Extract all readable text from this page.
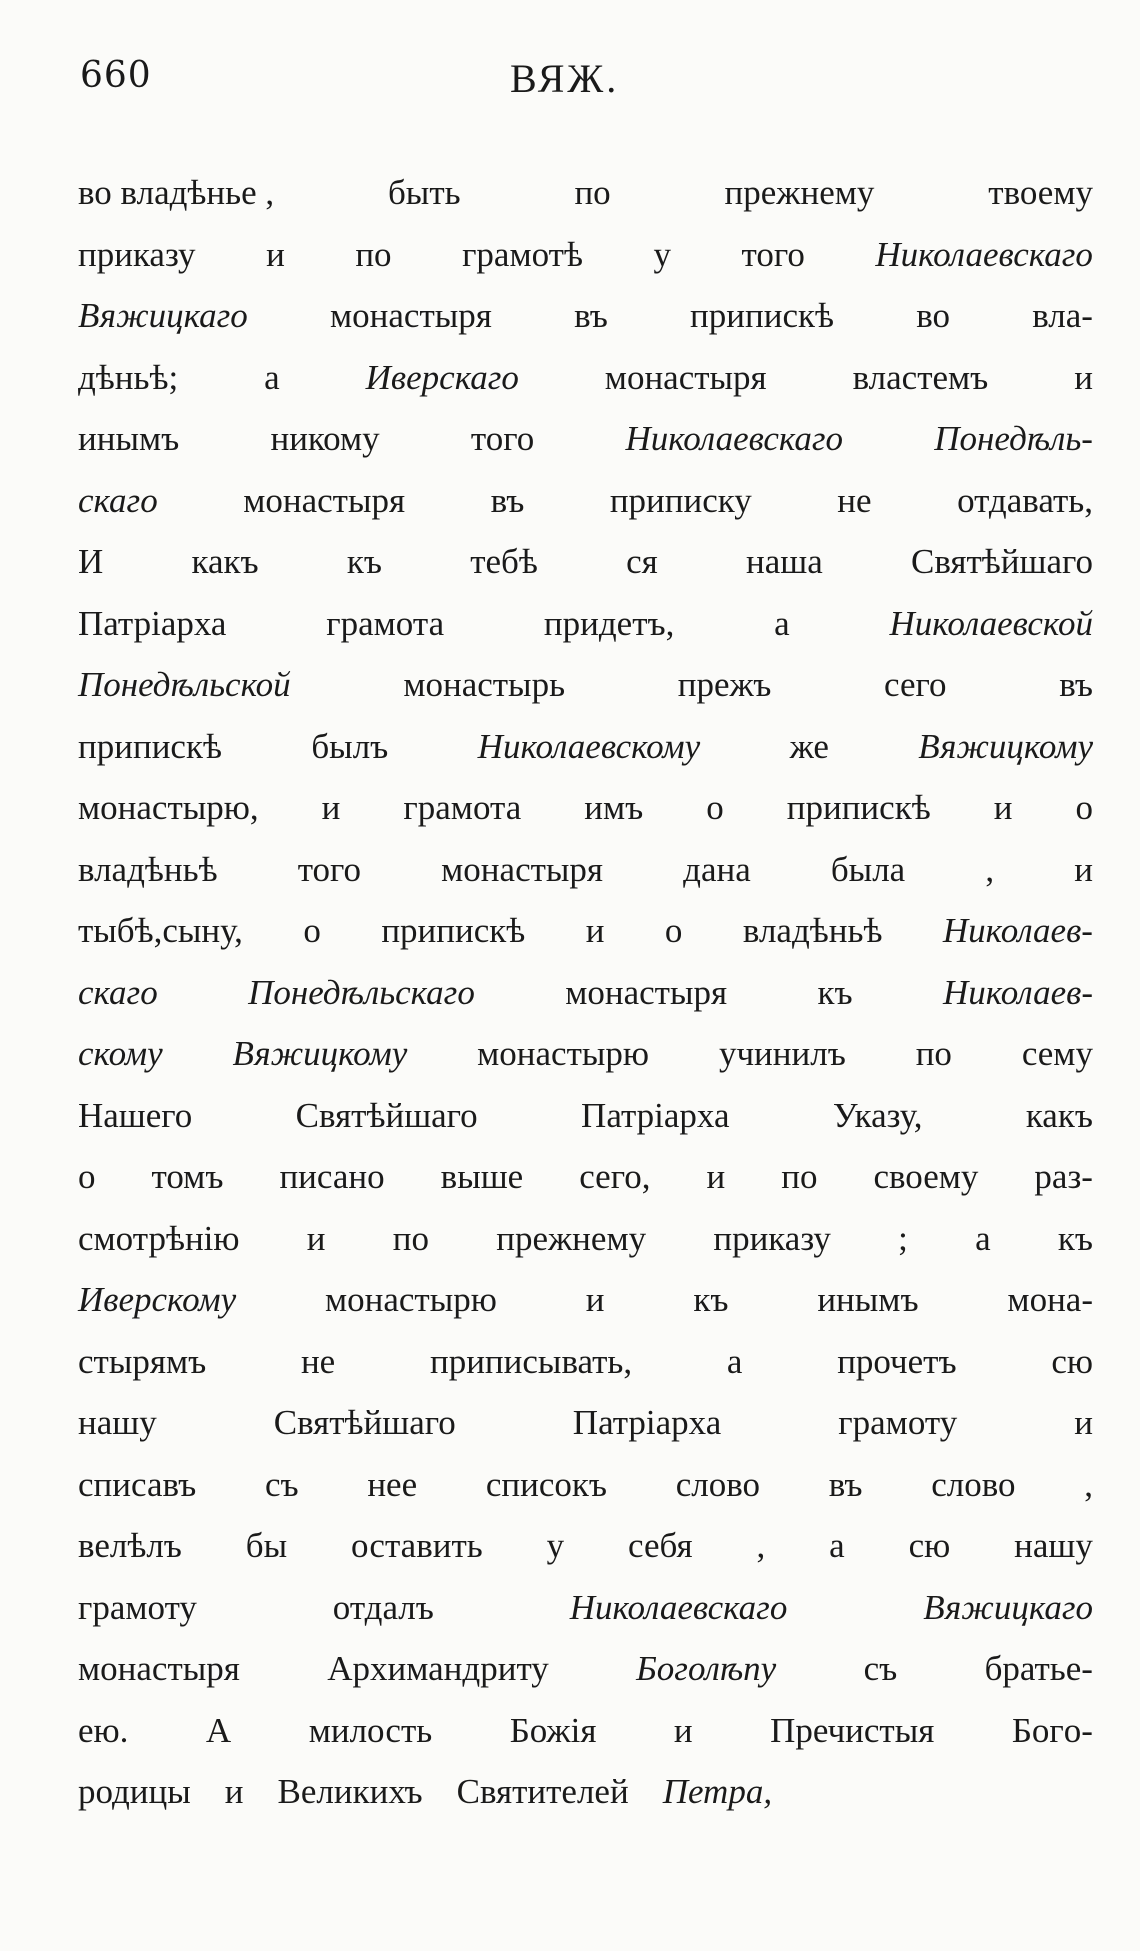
660	ВЯЖ.
во владѣнье ,	быть	по	прежнему	твоему
приказу и по грамотѣ у того Николаевскаго
Вяжицкаго монастыря въ припискѣ во вла-
дѣньѣ; а Иверскаго монастыря властемъ и
инымъ	никому	того	Николаевскаго	Понедѣль-
скаго монастыря въ приписку не отдавать,
И	какъ	къ	тебѣ	ся	наша	Святѣйшаго
Патріарха	грамота	придетъ,	а	Николаевской
Понедѣльской	монастырь	прежъ	сего	въ
припискѣ	былъ	Николаевскому	же	Вяжицкому
монастырю, и грамота имъ о припискѣ и о
владѣньѣ того монастыря дана была , и
тыбѣ,сыну, о припискѣ и о владѣньѣ Николаев-
скаго	Понедѣльскаго	монастыря	къ	Николаев-
скому Вяжицкому монастырю учинилъ по сему
Нашего	Святѣйшаго	Патріарха	Указу,	какъ
о томъ писано выше сего, и по своему раз-
смотрѣнію и по прежнему приказу ; а къ
Иверскому	монастырю	и	къ	инымъ	мона-
стырямъ	не	приписывать,	а	прочетъ	сю
нашу	Святѣйшаго	Патріарха	грамоту	и
списавъ съ нее списокъ слово въ слово ,
велѣлъ бы оставить у себя , а сю нашу
грамоту	отдалъ	Николаевскаго	Вяжицкаго
монастыря Архимандриту Боголѣпу съ братье-
ею. А милость Божія и Пречистыя Богo-
родицы и Великихъ Святителей Петра,
